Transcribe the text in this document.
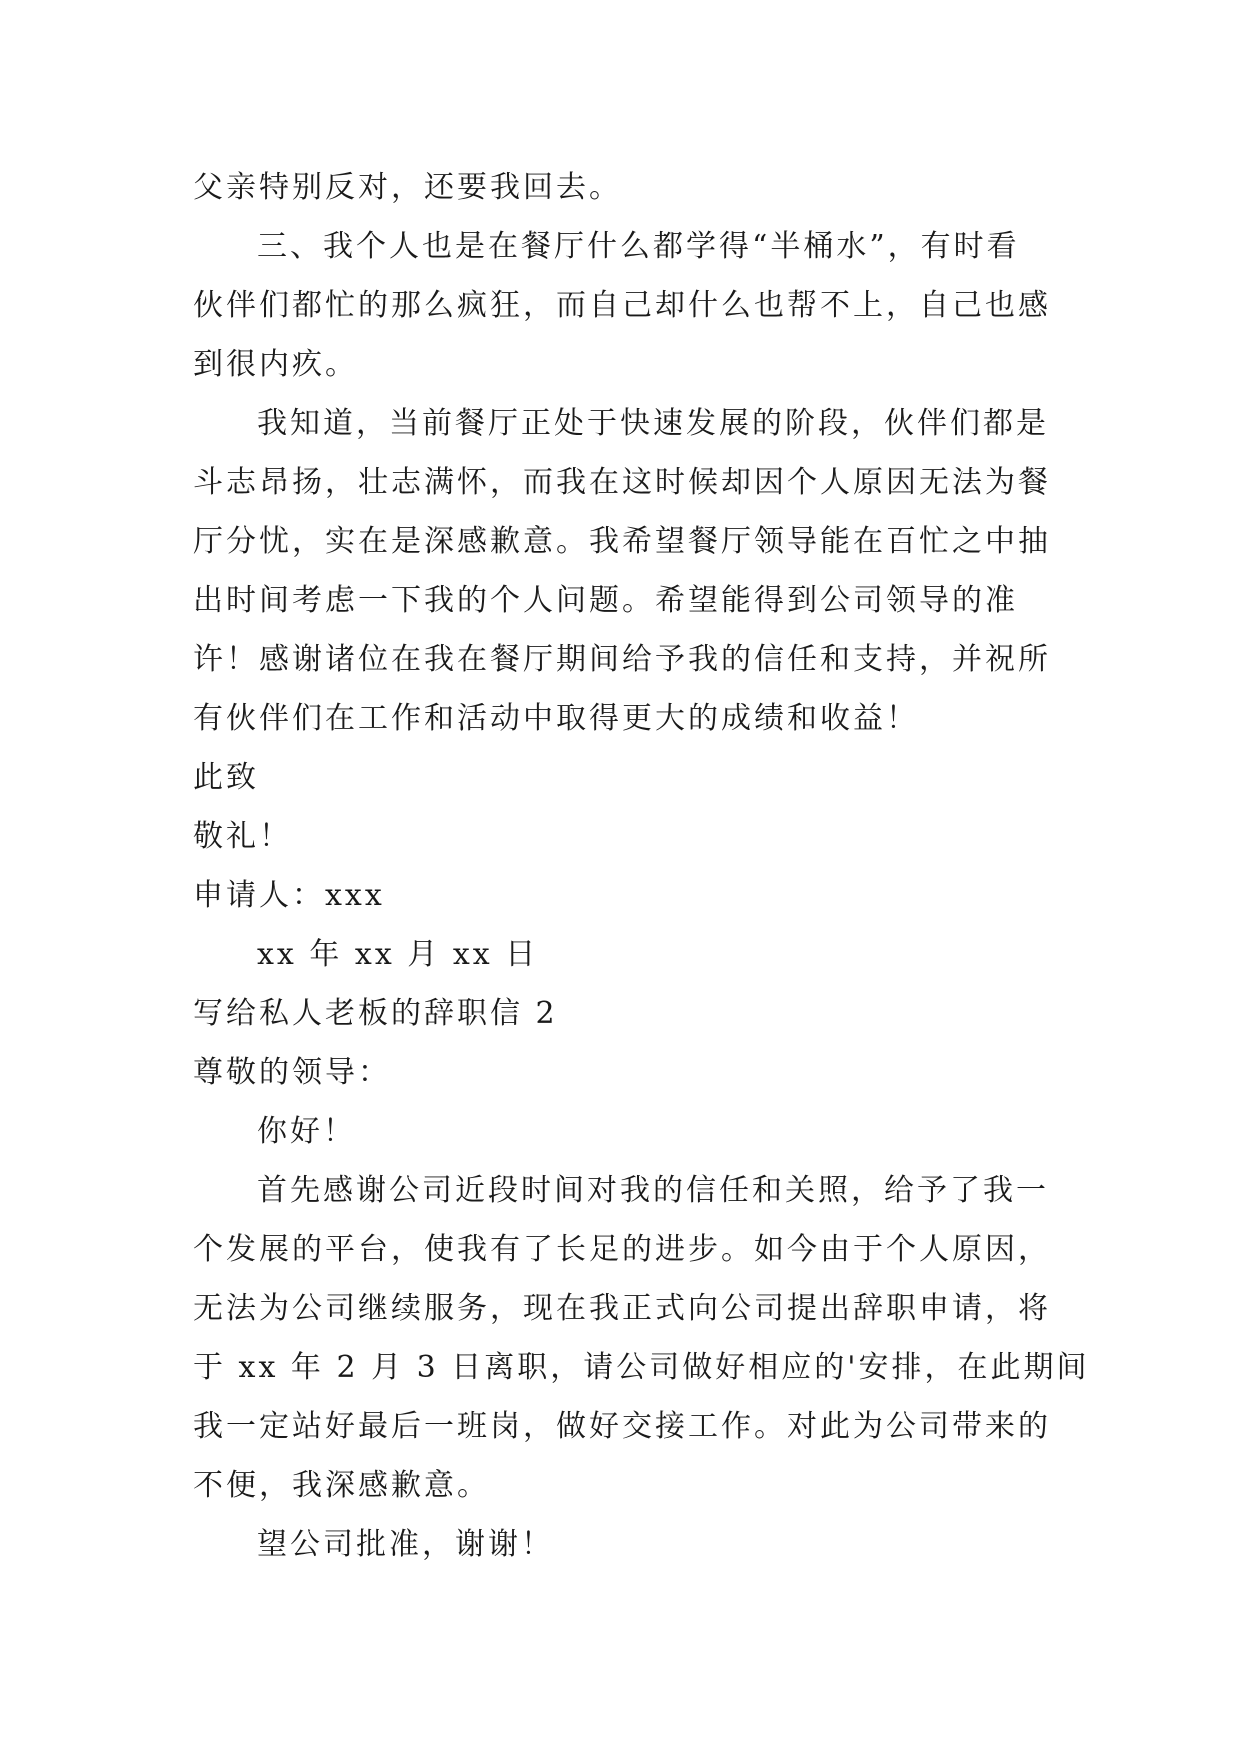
父亲特别反对，还要我回去。
三、我个人也是在餐厅什么都学得“半桶水”，有时看
伙伴们都忙的那么疯狂，而自己却什么也帮不上，自己也感
到很内疚。
我知道，当前餐厅正处于快速发展的阶段，伙伴们都是
斗志昂扬，壮志满怀，而我在这时候却因个人原因无法为餐
厅分忧，实在是深感歉意。我希望餐厅领导能在百忙之中抽
出时间考虑一下我的个人问题。希望能得到公司领导的准
许！感谢诸位在我在餐厅期间给予我的信任和支持，并祝所
有伙伴们在工作和活动中取得更大的成绩和收益！
此致
敬礼！
申请人：xxx
xx 年 xx 月 xx 日
写给私人老板的辞职信 2
尊敬的领导：
你好！
首先感谢公司近段时间对我的信任和关照，给予了我一
个发展的平台，使我有了长足的进步。如今由于个人原因，
无法为公司继续服务，现在我正式向公司提出辞职申请，将
于 xx 年 2 月 3 日离职，请公司做好相应的'安排，在此期间
我一定站好最后一班岗，做好交接工作。对此为公司带来的
不便，我深感歉意。
望公司批准，谢谢！
